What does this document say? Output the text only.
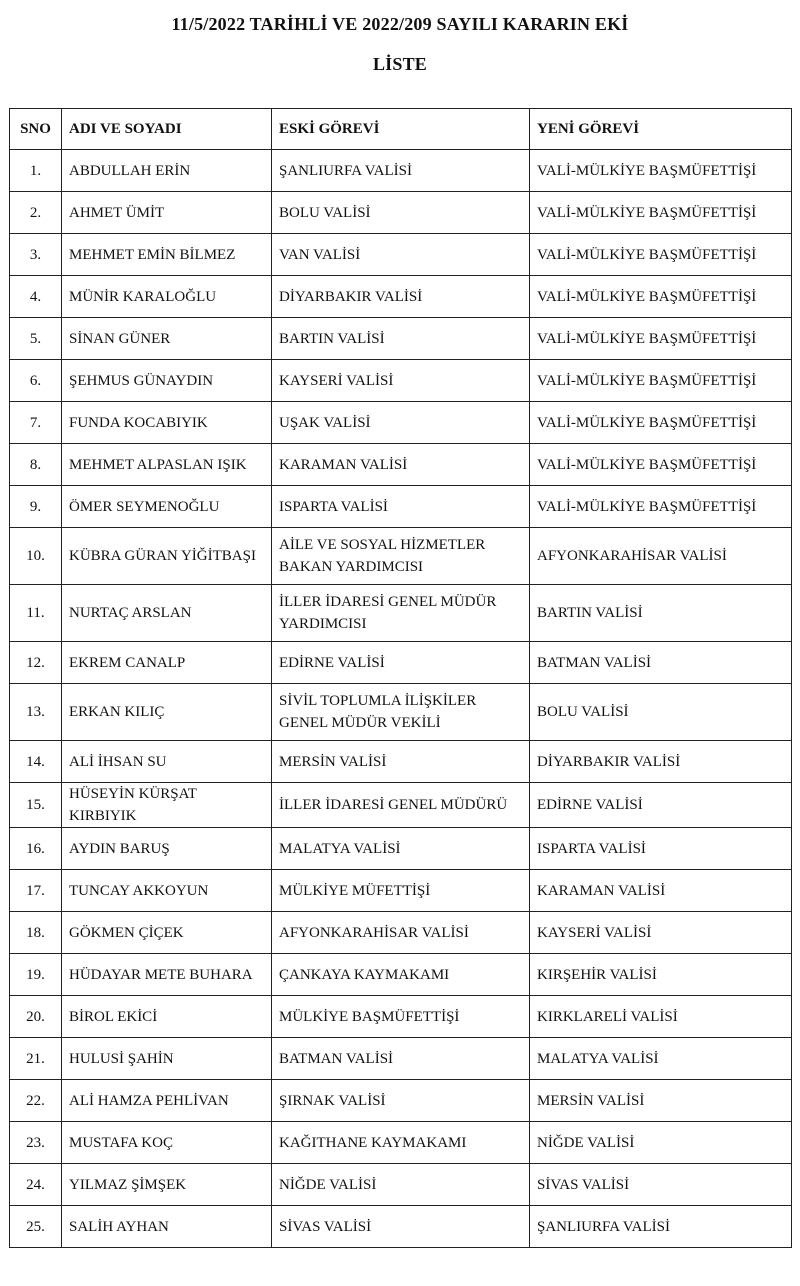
11/5/2022 TARİHLİ VE 2022/209 SAYILI KARARIN EKİ
LİSTE
SNO	ADI VE SOYADI	ESKİ GÖREVİ	YENİ GÖREVİ
1.	ABDULLAH ERİN	ŞANLIURFA VALİSİ	VALİ-MÜLKİYE BAŞMÜFETTİŞİ
2.	AHMET ÜMİT	BOLU VALİSİ	VALİ-MÜLKİYE BAŞMÜFETTİŞİ
3.	MEHMET EMİN BİLMEZ	VAN VALİSİ	VALİ-MÜLKİYE BAŞMÜFETTİŞİ
4.	MÜNİR KARALOĞLU	DİYARBAKIR VALİSİ	VALİ-MÜLKİYE BAŞMÜFETTİŞİ
5.	SİNAN GÜNER	BARTIN VALİSİ	VALİ-MÜLKİYE BAŞMÜFETTİŞİ
6.	ŞEHMUS GÜNAYDIN	KAYSERİ VALİSİ	VALİ-MÜLKİYE BAŞMÜFETTİŞİ
7.	FUNDA KOCABIYIK	UŞAK VALİSİ	VALİ-MÜLKİYE BAŞMÜFETTİŞİ
8.	MEHMET ALPASLAN IŞIK	KARAMAN VALİSİ	VALİ-MÜLKİYE BAŞMÜFETTİŞİ
9.	ÖMER SEYMENOĞLU	ISPARTA VALİSİ	VALİ-MÜLKİYE BAŞMÜFETTİŞİ
10.	KÜBRA GÜRAN YİĞİTBAŞI	AİLE VE SOSYAL HİZMETLER BAKAN YARDIMCISI	AFYONKARAHİSAR VALİSİ
11.	NURTAÇ ARSLAN	İLLER İDARESİ GENEL MÜDÜR YARDIMCISI	BARTIN VALİSİ
12.	EKREM CANALP	EDİRNE VALİSİ	BATMAN VALİSİ
13.	ERKAN KILIÇ	SİVİL TOPLUMLA İLİŞKİLER GENEL MÜDÜR VEKİLİ	BOLU VALİSİ
14.	ALİ İHSAN SU	MERSİN VALİSİ	DİYARBAKIR VALİSİ
15.	HÜSEYİN KÜRŞAT KIRBIYIK	İLLER İDARESİ GENEL MÜDÜRÜ	EDİRNE VALİSİ
16.	AYDIN BARUŞ	MALATYA VALİSİ	ISPARTA VALİSİ
17.	TUNCAY AKKOYUN	MÜLKİYE MÜFETTİŞİ	KARAMAN VALİSİ
18.	GÖKMEN ÇİÇEK	AFYONKARAHİSAR VALİSİ	KAYSERİ VALİSİ
19.	HÜDAYAR METE BUHARA	ÇANKAYA KAYMAKAMI	KIRŞEHİR VALİSİ
20.	BİROL EKİCİ	MÜLKİYE BAŞMÜFETTİŞİ	KIRKLARELİ VALİSİ
21.	HULUSİ ŞAHİN	BATMAN VALİSİ	MALATYA VALİSİ
22.	ALİ HAMZA PEHLİVAN	ŞIRNAK VALİSİ	MERSİN VALİSİ
23.	MUSTAFA KOÇ	KAĞITHANE KAYMAKAMI	NİĞDE VALİSİ
24.	YILMAZ ŞİMŞEK	NİĞDE VALİSİ	SİVAS VALİSİ
25.	SALİH AYHAN	SİVAS VALİSİ	ŞANLIURFA VALİSİ
